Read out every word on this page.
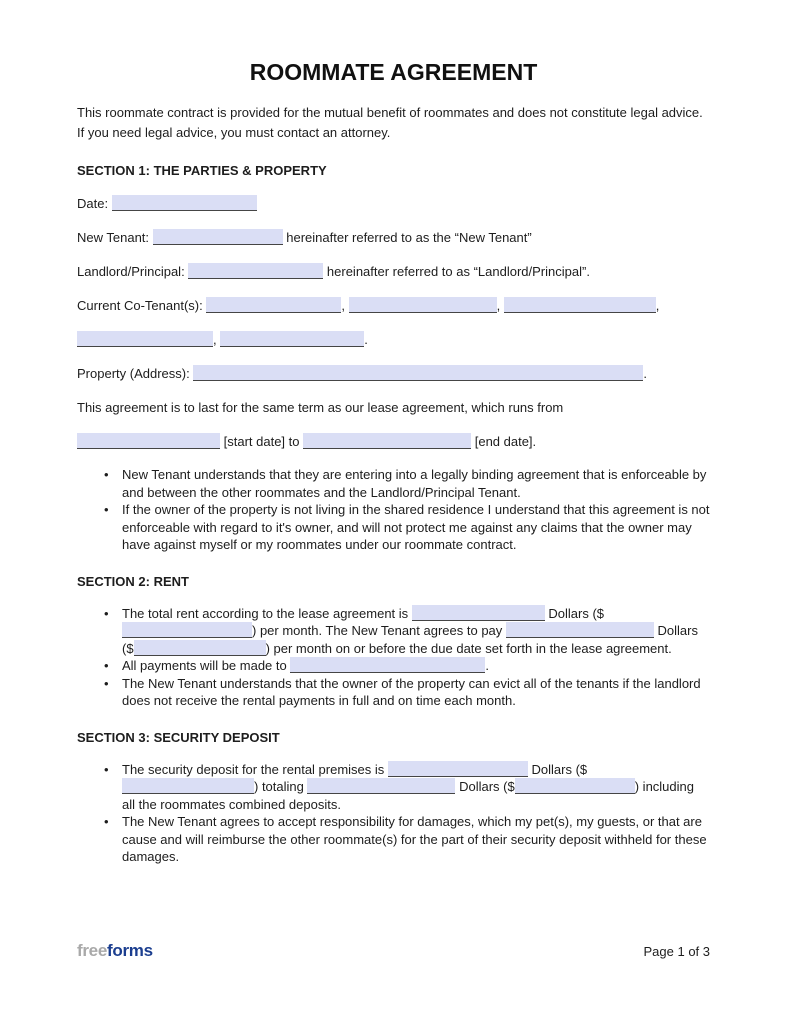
ROOMMATE AGREEMENT

This roommate contract is provided for the mutual benefit of roommates and does not constitute legal advice. If you need legal advice, you must contact an attorney.

SECTION 1: THE PARTIES & PROPERTY
Date:
New Tenant:	hereinafter referred to as the “New Tenant”
Landlord/Principal:	hereinafter referred to as “Landlord/Principal”.
Current Co-Tenant(s):	,	,	,
,	.
Property (Address):	.

This agreement is to last for the same term as our lease agreement, which runs from

[start date] to	[end date].
•	New Tenant understands that they are entering into a legally binding agreement that is enforceable by and between the other roommates and the Landlord/Principal Tenant.
•	If the owner of the property is not living in the shared residence I understand that this agreement is not enforceable with regard to it's owner, and will not protect me against any claims that the owner may have against myself or my roommates under our roommate contract.
SECTION 2: RENT
•	The total rent according to the lease agreement is	Dollars ($) per month. The New Tenant agrees to pay	Dollars ($	) per month on or before the due date set forth in the lease agreement.
•	All payments will be made to	.
•	The New Tenant understands that the owner of the property can evict all of the tenants if the landlord does not receive the rental payments in full and on time each month.
SECTION 3: SECURITY DEPOSIT
•	The security deposit for the rental premises is	Dollars ($) totaling	Dollars ($	) including all the roommates combined deposits.
•	The New Tenant agrees to accept responsibility for damages, which my pet(s), my guests, or that are cause and will reimburse the other roommate(s) for the part of their security deposit withheld for these damages.
freeforms	Page 1 of 3
